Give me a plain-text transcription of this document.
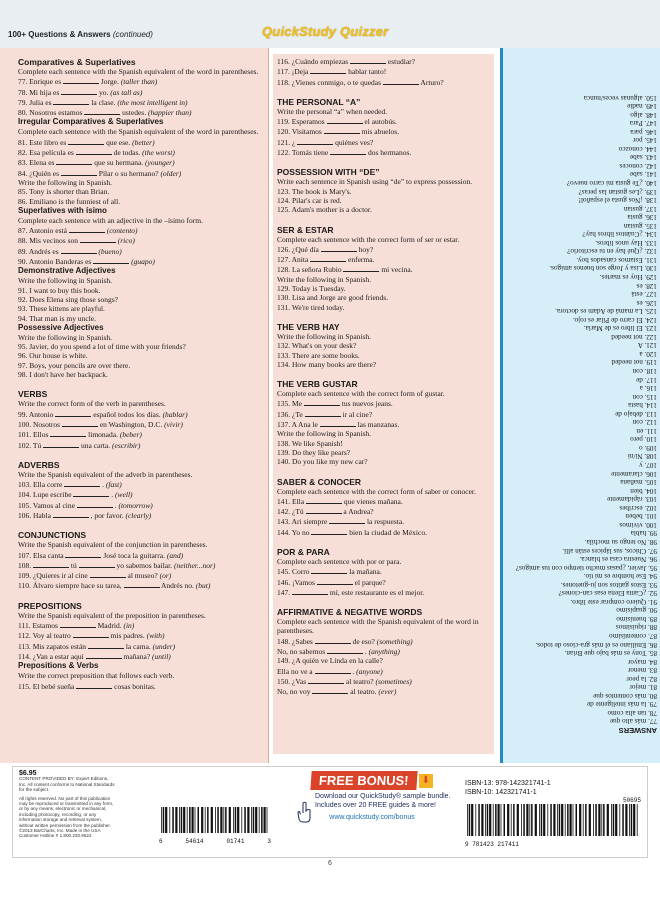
100+ Questions & Answers (continued)	QuickStudy Quizzer
Comparatives & Superlatives
Complete each sentence with the Spanish equivalent of the word in parentheses.
77. Enrique es	Jorge. (taller than)
78. Mi hija es	yo. (as tall as)
79. Julia es	la clase. (the most intelligent in)
80. Nosotros estamos	ustedes. (happier than)
Irregular Comparatives & Superlatives
Complete each sentence with the Spanish equivalent of the word in parentheses.
81. Este libro es	que ese. (better)
82. Esa película es	de todas. (the worst)
83. Elena es	que su hermana. (younger)
84. ¿Quién es	Pilar o su hermano? (older)
Write the following in Spanish.
85. Tony is shorter than Brian.
86. Emiliano is the funniest of all.
Superlatives with ísimo
Complete each sentence with an adjective in the –ísimo form.
87. Antonio está	(contento)
88. Mis vecinos son	(rico)
89. Andrés es	(bueno)
90. Antonio Banderas es	(guapo)
Demonstrative Adjectives
Write the following in Spanish.
91. I want to buy this book.
92. Does Elena sing those songs?
93. These kittens are playful.
94. That man is my uncle.
Possessive Adjectives
Write the following in Spanish.
95. Javier, do you spend a lot of time with your friends?
96. Our house is white.
97. Boys, your pencils are over there.
98. I don't have her backpack.
VERBS
Write the correct form of the verb in parentheses.
99. Antonio	español todos los días. (hablar)
100. Nosotros	en Washington, D.C. (vivir)
101. Ellos	limonada. (beber)
102. Tú	una carta. (escribir)
ADVERBS
Write the Spanish equivalent of the adverb in parentheses.
103. Ella corre	. (fast)
104. Lupe escribe	. (well)
105. Vamos al cine	. (tomorrow)
106. Habla	, por favor. (clearly)
CONJUNCTIONS
Write the Spanish equivalent of the conjunction in parentheses.
107. Elsa canta	José toca la guitarra. (and)
108.	tú	yo sabemos bailar. (neither...nor)
109. ¿Quieres ir al cine	al museo? (or)
110. Álvaro siempre hace su tarea,	Andrés no. (but)
PREPOSITIONS
Write the Spanish equivalent of the preposition in parentheses.
111. Estamos	Madrid. (in)
112. Voy al teatro	mis padres. (with)
113. Mis zapatos están	la cama. (under)
114. ¿Van a estar aquí	mañana? (until)
Prepositions & Verbs
Write the correct preposition that follows each verb.
115. El bebé sueña	cosas bonitas.
116. ¿Cuándo empiezas	estudiar?
117. ¡Deja	hablar tanto!
118. ¿Vienes conmigo, o te quedas	Arturo?
THE PERSONAL “A”
Write the personal “a” when needed.
119. Esperamos	el autobús.
120. Visitamos	mis abuelos.
121. ¿	quiénes ves?
122. Tomás tiene	dos hermanos.
POSSESSION WITH “DE”
Write each sentence in Spanish using “de” to express possession.
123. The book is Mary's.
124. Pilar's car is red.
125. Adam's mother is a doctor.
SER & ESTAR
Complete each sentence with the correct form of ser or estar.
126. ¿Qué día	hoy?
127. Anita	enferma.
128. La señora Rubio	mi vecina.
Write the following in Spanish.
129. Today is Tuesday.
130. Lisa and Jorge are good friends.
131. We're tired today.
THE VERB HAY
Write the following in Spanish.
132. What's on your desk?
133. There are some books.
134. How many books are there?
THE VERB GUSTAR
Complete each sentence with the correct form of gustar.
135. Me	tus nuevos jeans.
136. ¿Te	ir al cine?
137. A Ana le	las manzanas.
Write the following in Spanish.
138. We like Spanish!
139. Do they like pears?
140. Do you like my new car?
SABER & CONOCER
Complete each sentence with the correct form of saber or conocer.
141. Ella	que vienes mañana.
142. ¿Tú	a Andrea?
143. Ari siempre	la respuesta.
144. Yo no	bien la ciudad de México.
POR & PARA
Complete each sentence with por or para.
145. Corro	la mañana.
146. ¡Vamos	el parque?
147.	mí, este restaurante es el mejor.
AFFIRMATIVE & NEGATIVE WORDS
Complete each sentence with the Spanish equivalent of the word in parentheses.
148. ¿Sabes	de eso? (something)
No, no sabemos	. (anything)
149. ¿A quién ve Linda en la calle?
Ella no ve a	. (anyone)
150. ¿Vas	al teatro? (sometimes)
No, no voy	al teatro. (ever)
ANSWERS
77. más alto que
78. tan alta como
79. la más inteligente de
80. más contentos que
81. mejor
82. la peor
83. menor
84. mayor
85. Tony es más bajo que Brian.
86. Emiliano es el más gra-cioso de todos.
87. contentísimo
88. riquísimos
89. buenísimo
90. guapísimo
91. Quiero comprar este libro.
92. ¿Canta Elena esas can-ciones?
93. Estos gatitos son ju-guetones.
94. Ese hombre es mi tío.
95. Javier, ¿pasas mucho tiempo con tus amigos?
96. Nuestra casa es blanca.
97. Chicos, sus lápices están allí.
98. No tengo su mochila.
99. habla
100. vivimos
101. beben
102. escribes
103. rápidamente
104. bien
105. mañana
106. claramente
107. y
108. Ni/ni
109. o
110. pero
111. en
112. con
113. debajo de
114. hasta
115. con
116. a
117. de
118. con
119. not needed
120. a
121. A
122. not needed
123. El libro es de María.
124. El carro de Pilar es rojo.
125. La mamá de Adam es doctora.
126. es
127. está
128. es
129. Hoy es martes.
130. Lisa y Jorge son buenos amigos.
131. Estamos cansados hoy.
132. ¿Qué hay en tu escritorio?
133. Hay unos libros.
134. ¿Cuántos libros hay?
135. gustan
136. gusta
137. gustan
138. ¡Nos gusta el español!
139. ¿Les gustan las peras?
140. ¿Te gusta mi carro nuevo?
141. sabe
142. conoces
143. sabe
144. conozco
145. por
146. para
147. Para
148. algo
149. nadie
150. algunas veces/nunca
$6.95
CONTENT PROVIDED BY: Expert Editions, Inc. All content conforms to National Standards for the subject.
All rights reserved. No part of this publication may be reproduced or transmitted in any form, or by any means, electronic or mechanical, including photocopy, recording, or any information storage and retrieval system, without written permission from the publisher.
©2013 BarCharts, Inc. Made in the USA
Customer Hotline # 1.800.230.9522
6	54614	01741	3
FREE BONUS! ⬇
Download our QuickStudy® sample bundle. Includes over 20 FREE guides & more!
www.quickstudy.com/bonus
ISBN-13: 978-142321741-1
ISBN-10: 142321741-1
50695
9 781423 217411
6
